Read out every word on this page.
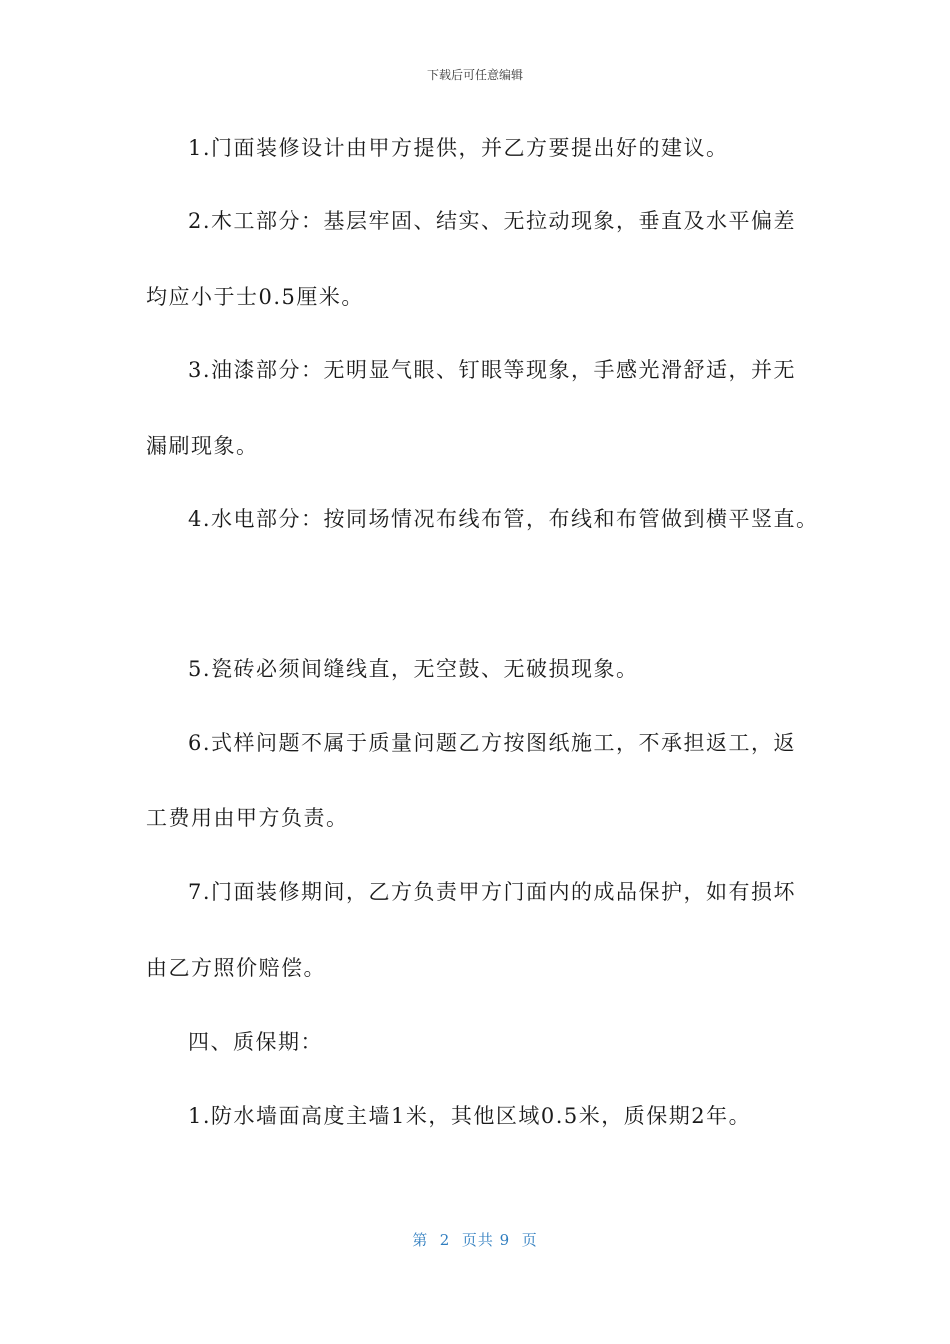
下载后可任意编辑
1.门面装修设计由甲方提供，并乙方要提出好的建议。
2.木工部分：基层牢固、结实、无拉动现象，垂直及水平偏差
均应小于士0.5厘米。
3.油漆部分：无明显气眼、钉眼等现象，手感光滑舒适，并无
漏刷现象。
4.水电部分：按同场情况布线布管，布线和布管做到横平竖直。
5.瓷砖必须间缝线直，无空鼓、无破损现象。
6.式样问题不属于质量问题乙方按图纸施工，不承担返工，返
工费用由甲方负责。
7.门面装修期间，乙方负责甲方门面内的成品保护，如有损坏
由乙方照价赔偿。
四、质保期：
1.防水墙面高度主墙1米，其他区域0.5米，质保期2年。
第  2  页共 9  页
